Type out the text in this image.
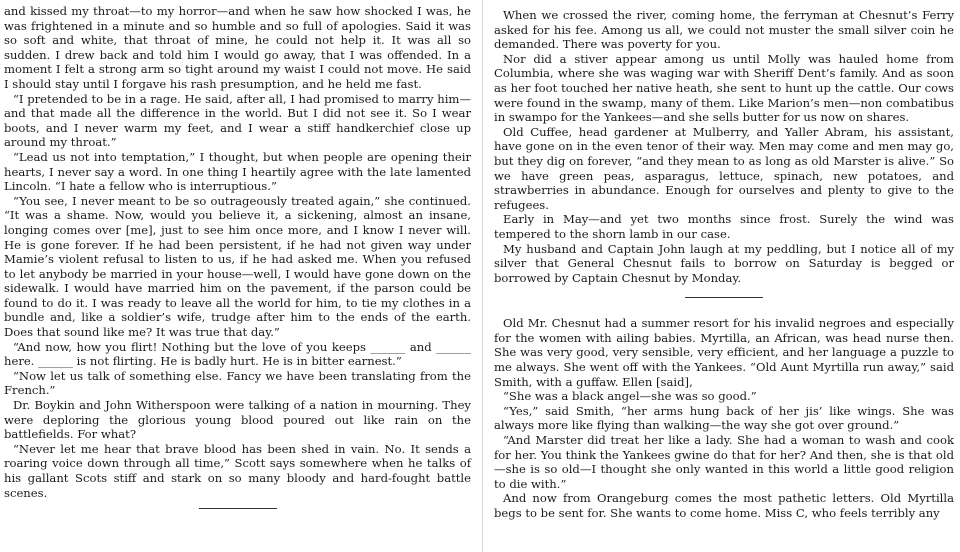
and kissed my throat—to my horror—and when he saw how shocked I was, he was frightened in a minute and so humble and so full of apologies. Said it was so soft and white, that throat of mine, he could not help it. It was all so sudden. I drew back and told him I would go away, that I was offended. In a moment I felt a strong arm so tight around my waist I could not move. He said I should stay until I forgave his rash presumption, and he held me fast.

“I pretended to be in a rage. He said, after all, I had promised to marry him—and that made all the difference in the world. But I did not see it. So I wear boots, and I never warm my feet, and I wear a stiff handkerchief close up around my throat.”

“Lead us not into temptation,” I thought, but when people are opening their hearts, I never say a word. In one thing I heartily agree with the late lamented Lincoln. “I hate a fellow who is interruptious.”

“You see, I never meant to be so outrageously treated again,” she continued. “It was a shame. Now, would you believe it, a sickening, almost an insane, longing comes over [me], just to see him once more, and I know I never will. He is gone forever. If he had been persistent, if he had not given way under Mamie’s violent refusal to listen to us, if he had asked me. When you refused to let anybody be married in your house—well, I would have gone down on the sidewalk. I would have married him on the pavement, if the parson could be found to do it. I was ready to leave all the world for him, to tie my clothes in a bundle and, like a soldier’s wife, trudge after him to the ends of the earth. Does that sound like me? It was true that day.”

“And now, how you flirt! Nothing but the love of you keeps ______ and ______ here. ______ is not flirting. He is badly hurt. He is in bitter earnest.”

“Now let us talk of something else. Fancy we have been translating from the French.”

Dr. Boykin and John Witherspoon were talking of a nation in mourning. They were deploring the glorious young blood poured out like rain on the battlefields. For what?

“Never let me hear that brave blood has been shed in vain. No. It sends a roaring voice down through all time,” Scott says somewhere when he talks of his gallant Scots stiff and stark on so many bloody and hard-fought battle scenes.

When we crossed the river, coming home, the ferryman at Chesnut’s Ferry asked for his fee. Among us all, we could not muster the small silver coin he demanded. There was poverty for you.

Nor did a stiver appear among us until Molly was hauled home from Columbia, where she was waging war with Sheriff Dent’s family. And as soon as her foot touched her native heath, she sent to hunt up the cattle. Our cows were found in the swamp, many of them. Like Marion’s men—non combatibus in swampo for the Yankees—and she sells butter for us now on shares.

Old Cuffee, head gardener at Mulberry, and Yaller Abram, his assistant, have gone on in the even tenor of their way. Men may come and men may go, but they dig on forever, “and they mean to as long as old Marster is alive.” So we have green peas, asparagus, lettuce, spinach, new potatoes, and strawberries in abundance. Enough for ourselves and plenty to give to the refugees.

Early in May—and yet two months since frost. Surely the wind was tempered to the shorn lamb in our case.

My husband and Captain John laugh at my peddling, but I notice all of my silver that General Chesnut fails to borrow on Saturday is begged or borrowed by Captain Chesnut by Monday.

Old Mr. Chesnut had a summer resort for his invalid negroes and especially for the women with ailing babies. Myrtilla, an African, was head nurse then. She was very good, very sensible, very efficient, and her language a puzzle to me always. She went off with the Yankees. “Old Aunt Myrtilla run away,” said Smith, with a guffaw. Ellen [said],

“She was a black angel—she was so good.”

“Yes,” said Smith, “her arms hung back of her jis’ like wings. She was always more like flying than walking—the way she got over ground.”

“And Marster did treat her like a lady. She had a woman to wash and cook for her. You think the Yankees gwine do that for her? And then, she is that old—she is so old—I thought she only wanted in this world a little good religion to die with.”

And now from Orangeburg comes the most pathetic letters. Old Myrtilla begs to be sent for. She wants to come home. Miss C, who feels terribly any
